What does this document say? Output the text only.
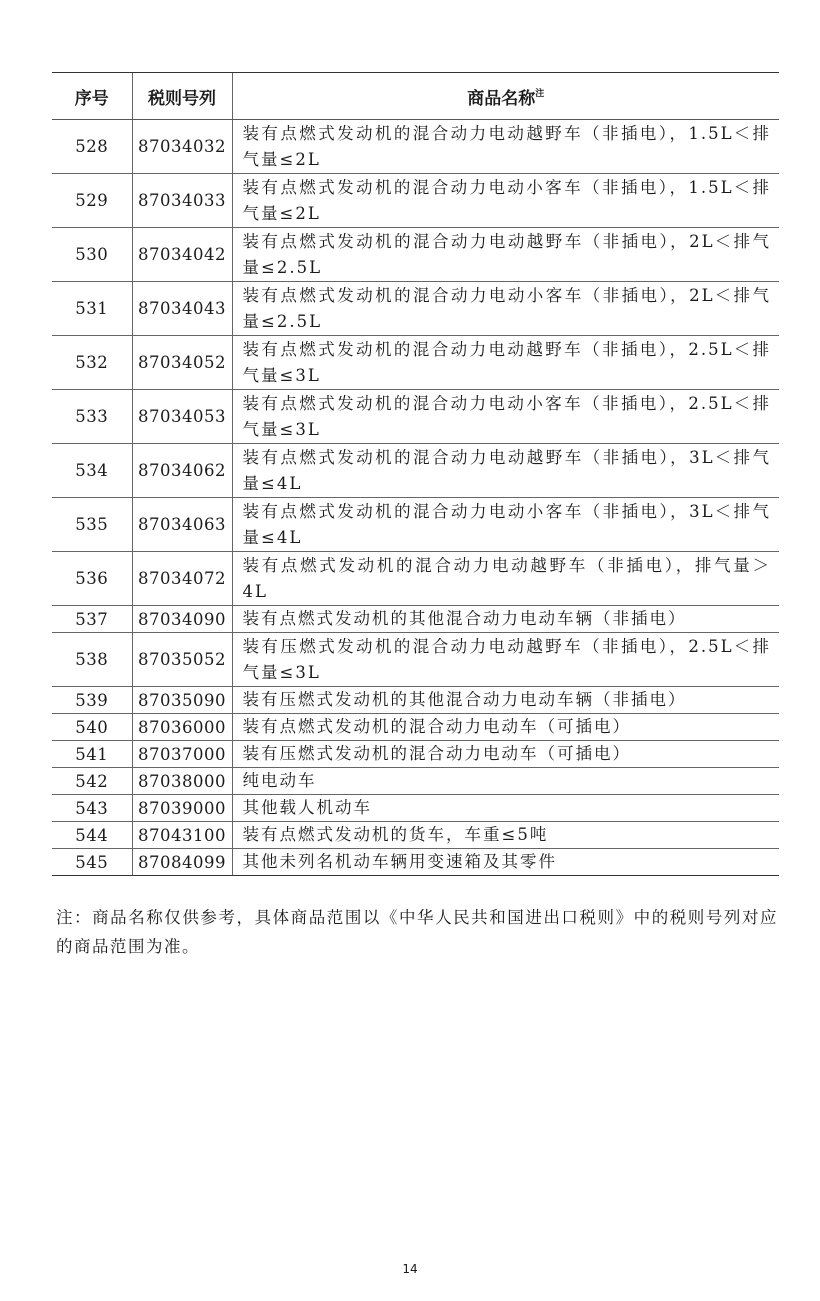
序号	税则号列	商品名称$^注$
528	87034032	装有点燃式发动机的混合动力电动越野车（非插电），1.5L＜排气量≤2L
529	87034033	装有点燃式发动机的混合动力电动小客车（非插电），1.5L＜排气量≤2L
530	87034042	装有点燃式发动机的混合动力电动越野车（非插电），2L＜排气量≤2.5L
531	87034043	装有点燃式发动机的混合动力电动小客车（非插电），2L＜排气量≤2.5L
532	87034052	装有点燃式发动机的混合动力电动越野车（非插电），2.5L＜排气量≤3L
533	87034053	装有点燃式发动机的混合动力电动小客车（非插电），2.5L＜排气量≤3L
534	87034062	装有点燃式发动机的混合动力电动越野车（非插电），3L＜排气量≤4L
535	87034063	装有点燃式发动机的混合动力电动小客车（非插电），3L＜排气量≤4L
536	87034072	装有点燃式发动机的混合动力电动越野车（非插电），排气量＞4L
537	87034090	装有点燃式发动机的其他混合动力电动车辆（非插电）
538	87035052	装有压燃式发动机的混合动力电动越野车（非插电），2.5L＜排气量≤3L
539	87035090	装有压燃式发动机的其他混合动力电动车辆（非插电）
540	87036000	装有点燃式发动机的混合动力电动车（可插电）
541	87037000	装有压燃式发动机的混合动力电动车（可插电）
542	87038000	纯电动车
543	87039000	其他载人机动车
544	87043100	装有点燃式发动机的货车，车重≤5吨
545	87084099	其他未列名机动车辆用变速箱及其零件
注：商品名称仅供参考，具体商品范围以《中华人民共和国进出口税则》中的税则号列对应的商品范围为准。
14
